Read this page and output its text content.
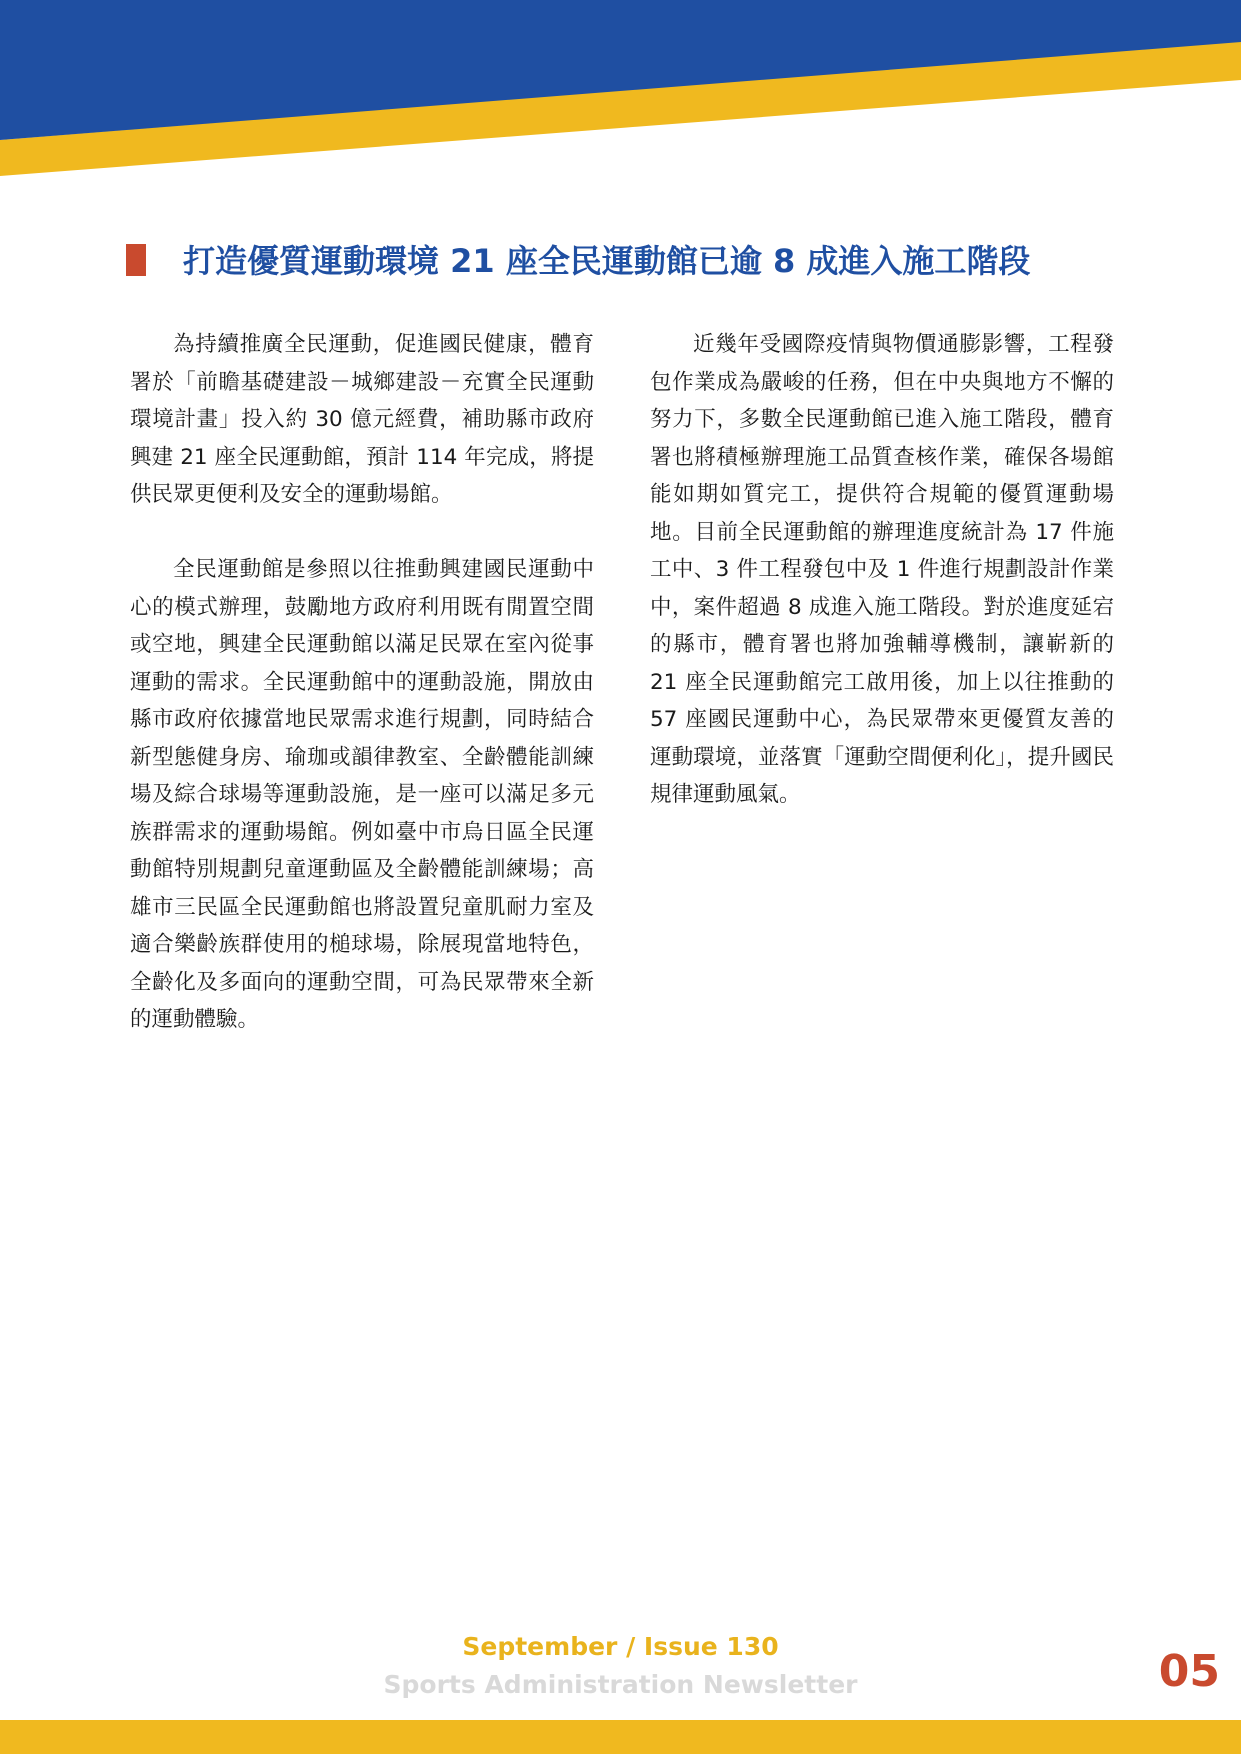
打造優質運動環境 21 座全民運動館已逾 8 成進入施工階段

為持續推廣全民運動，促進國民健康，體育署於「前瞻基礎建設－城鄉建設－充實全民運動環境計畫」投入約 30 億元經費，補助縣市政府興建 21 座全民運動館，預計 114 年完成，將提供民眾更便利及安全的運動場館。

全民運動館是參照以往推動興建國民運動中心的模式辦理，鼓勵地方政府利用既有閒置空間或空地，興建全民運動館以滿足民眾在室內從事運動的需求。全民運動館中的運動設施，開放由縣市政府依據當地民眾需求進行規劃，同時結合新型態健身房、瑜珈或韻律教室、全齡體能訓練場及綜合球場等運動設施，是一座可以滿足多元族群需求的運動場館。例如臺中市烏日區全民運動館特別規劃兒童運動區及全齡體能訓練場；高雄市三民區全民運動館也將設置兒童肌耐力室及適合樂齡族群使用的槌球場，除展現當地特色，全齡化及多面向的運動空間，可為民眾帶來全新的運動體驗。

近幾年受國際疫情與物價通膨影響，工程發包作業成為嚴峻的任務，但在中央與地方不懈的努力下，多數全民運動館已進入施工階段，體育署也將積極辦理施工品質查核作業，確保各場館能如期如質完工，提供符合規範的優質運動場地。目前全民運動館的辦理進度統計為 17 件施工中、3 件工程發包中及 1 件進行規劃設計作業中，案件超過 8 成進入施工階段。對於進度延宕的縣市，體育署也將加強輔導機制，讓嶄新的 21 座全民運動館完工啟用後，加上以往推動的 57 座國民運動中心，為民眾帶來更優質友善的運動環境，並落實「運動空間便利化」，提升國民規律運動風氣。

September / Issue 130
Sports Administration Newsletter	05
